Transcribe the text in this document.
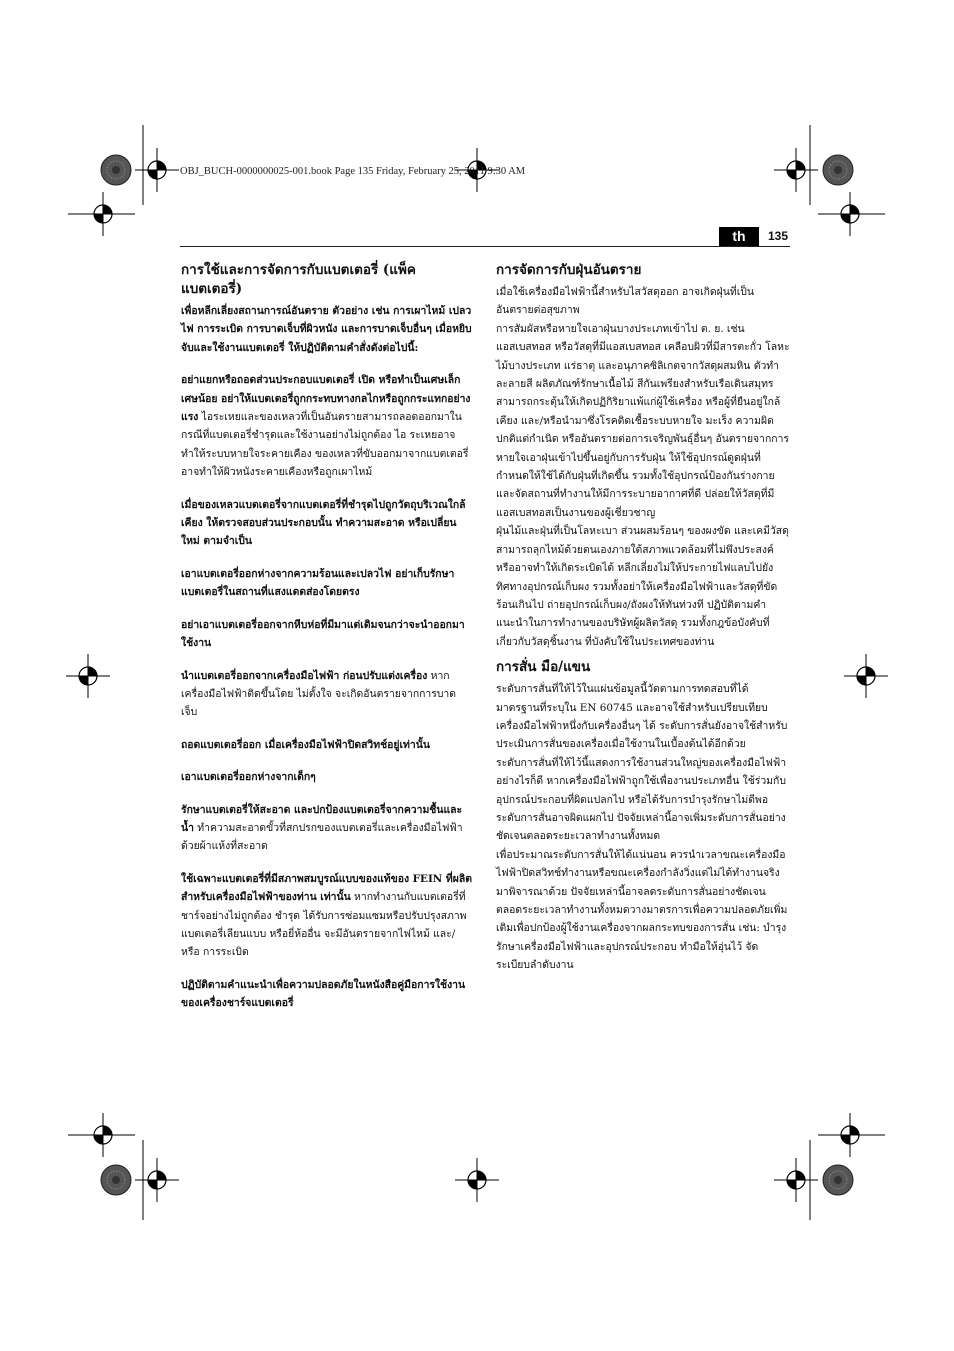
OBJ_BUCH-0000000025-001.book Page 135 Friday, February 25, 2011 9:30 AM
th	135
การใช้และการจัดการกับแบตเตอรี่ (แพ็คแบตเตอรี่)

เพื่อหลีกเลี่ยงสถานการณ์อันตราย ตัวอย่าง เช่น การเผาไหม้ เปลวไฟ การระเบิด การบาดเจ็บที่ผิวหนัง และการบาดเจ็บอื่นๆ เมื่อหยิบจับและใช้งานแบตเตอรี่ ให้ปฏิบัติตามคำสั่งดังต่อไปนี้:

อย่าแยกหรือถอดส่วนประกอบแบตเตอรี่ เปิด หรือทำเป็นเศษเล็กเศษน้อย อย่าให้แบตเตอรี่ถูกกระทบทางกลไกหรือถูกกระแทกอย่างแรง ไอระเหยและของเหลวที่เป็นอันตรายสามารถลอดออกมาในกรณีที่แบตเตอรี่ชำรุดและใช้งานอย่างไม่ถูกต้อง ไอ ระเหยอาจทำให้ระบบหายใจระคายเคือง ของเหลวที่ขับออกมาจากแบตเตอรี่อาจทำให้ผิวหนังระคายเคืองหรือถูกเผาไหม้

เมื่อของเหลวแบตเตอรี่จากแบตเตอรี่ที่ชำรุดไปถูกวัตถุบริเวณใกล้เคียง ให้ตรวจสอบส่วนประกอบนั้น ทำความสะอาด หรือเปลี่ยนใหม่ ตามจำเป็น

เอาแบตเตอรี่ออกห่างจากความร้อนและเปลวไฟ อย่าเก็บรักษาแบตเตอรี่ในสถานที่แสงแดดส่องโดยตรง

อย่าเอาแบตเตอรี่ออกจากหีบห่อที่มีมาแต่เดิมจนกว่าจะนำออกมาใช้งาน

นำแบตเตอรี่ออกจากเครื่องมือไฟฟ้า ก่อนปรับแต่งเครื่อง หากเครื่องมือไฟฟ้าติดขึ้นโดย ไม่ตั้งใจ จะเกิดอันตรายจากการบาดเจ็บ

ถอดแบตเตอรี่ออก เมื่อเครื่องมือไฟฟ้าปิดสวิทช์อยู่เท่านั้น

เอาแบตเตอรี่ออกห่างจากเด็กๆ

รักษาแบตเตอรี่ให้สะอาด และปกป้องแบตเตอรี่จากความชื้นและน้ำ ทำความสะอาดขั้วที่สกปรกของแบตเตอรี่และเครื่องมือไฟฟ้าด้วยผ้าแห้งที่สะอาด

ใช้เฉพาะแบตเตอรี่ที่มีสภาพสมบูรณ์แบบของแท้ของ FEIN ที่ผลิตสำหรับเครื่องมือไฟฟ้าของท่าน เท่านั้น หากทำงานกับแบตเตอรี่ที่ชาร์จอย่างไม่ถูกต้อง ชำรุด ได้รับการซ่อมแซมหรือปรับปรุงสภาพ แบตเตอรี่เลียนแบบ หรือยี่ห้ออื่น จะมีอันตรายจากไฟไหม้ และ/หรือ การระเบิด

ปฏิบัติตามคำแนะนำเพื่อความปลอดภัยในหนังสือคู่มือการใช้งานของเครื่องชาร์จแบตเตอรี่

การจัดการกับฝุ่นอันตราย

เมื่อใช้เครื่องมือไฟฟ้านี้สำหรับไสวัสดุออก อาจเกิดฝุ่นที่เป็นอันตรายต่อสุขภาพ

การสัมผัสหรือหายใจเอาฝุ่นบางประเภทเข้าไป ต. ย. เช่น แอสเบสทอส หรือวัสดุที่มีแอสเบสทอส เคลือบผิวที่มีสารตะกั่ว โลหะ ไม้บางประเภท แร่ธาตุ และอนุภาคซิลิเกตจากวัสดุผสมหิน ตัวทำละลายสี ผลิตภัณฑ์รักษาเนื้อไม้ สีกันเพรียงสำหรับเรือเดินสมุทร สามารถกระตุ้นให้เกิดปฏิกิริยาแพ้แก่ผู้ใช้เครื่อง หรือผู้ที่ยืนอยู่ใกล้เคียง และ/หรือนำมาซึ่งโรคติดเชื้อระบบหายใจ มะเร็ง ความผิดปกติแต่กำเนิด หรืออันตรายต่อการเจริญพันธุ์อื่นๆ อันตรายจากการหายใจเอาฝุ่นเข้าไปขึ้นอยู่กับการรับฝุ่น ให้ใช้อุปกรณ์ดูดฝุ่นที่กำหนดให้ใช้ได้กับฝุ่นที่เกิดขึ้น รวมทั้งใช้อุปกรณ์ป้องกันร่างกาย และจัดสถานที่ทำงานให้มีการระบายอากาศที่ดี ปล่อยให้วัสดุที่มีแอสเบสทอสเป็นงานของผู้เชี่ยวชาญ

ฝุ่นไม้และฝุ่นที่เป็นโลหะเบา ส่วนผสมร้อนๆ ของผงขัด และเคมีวัสดุ สามารถลุกไหม้ด้วยตนเองภายใต้สภาพแวดล้อมที่ไม่พึงประสงค์ หรืออาจทำให้เกิดระเบิดได้ หลีกเลี่ยงไม่ให้ประกายไฟแลบไปยังทิศทางอุปกรณ์เก็บผง รวมทั้งอย่าให้เครื่องมือไฟฟ้าและวัสดุที่ขัดร้อนเกินไป ถ่ายอุปกรณ์เก็บผง/ถังผงให้ทันท่วงที ปฏิบัติตามคำแนะนำในการทำงานของบริษัทผู้ผลิตวัสดุ รวมทั้งกฎข้อบังคับที่เกี่ยวกับวัสดุชิ้นงาน ที่บังคับใช้ในประเทศของท่าน

การสั่น มือ/แขน

ระดับการสั่นที่ให้ไว้ในแผ่นข้อมูลนี้วัดตามการทดสอบที่ได้มาตรฐานที่ระบุใน EN 60745 และอาจใช้สำหรับเปรียบเทียบเครื่องมือไฟฟ้าหนึ่งกับเครื่องอื่นๆ ได้ ระดับการสั่นยังอาจใช้สำหรับประเมินการสั่นของเครื่องเมื่อใช้งานในเบื้องต้นได้อีกด้วย

ระดับการสั่นที่ให้ไว้นี้แสดงการใช้งานส่วนใหญ่ของเครื่องมือไฟฟ้า อย่างไรก็ดี หากเครื่องมือไฟฟ้าถูกใช้เพื่องานประเภทอื่น ใช้ร่วมกับอุปกรณ์ประกอบที่ผิดแปลกไป หรือได้รับการบำรุงรักษาไม่ดีพอ ระดับการสั่นอาจผิดแผกไป ปัจจัยเหล่านี้อาจเพิ่มระดับการสั่นอย่างชัดเจนตลอดระยะเวลาทำงานทั้งหมด

เพื่อประมาณระดับการสั่นให้ได้แน่นอน ควรนำเวลาขณะเครื่องมือไฟฟ้าปิดสวิทช์ทำงานหรือขณะเครื่องกำลังวิ่งแต่ไม่ได้ทำงานจริงมาพิจารณาด้วย ปัจจัยเหล่านี้อาจลดระดับการสั่นอย่างชัดเจนตลอดระยะเวลาทำงานทั้งหมดวางมาตรการเพื่อความปลอดภัยเพิ่มเติมเพื่อปกป้องผู้ใช้งานเครื่องจากผลกระทบของการสั่น เช่น: บำรุงรักษาเครื่องมือไฟฟ้าและอุปกรณ์ประกอบ ทำมือให้อุ่นไว้ จัดระเบียบลำดับงาน
